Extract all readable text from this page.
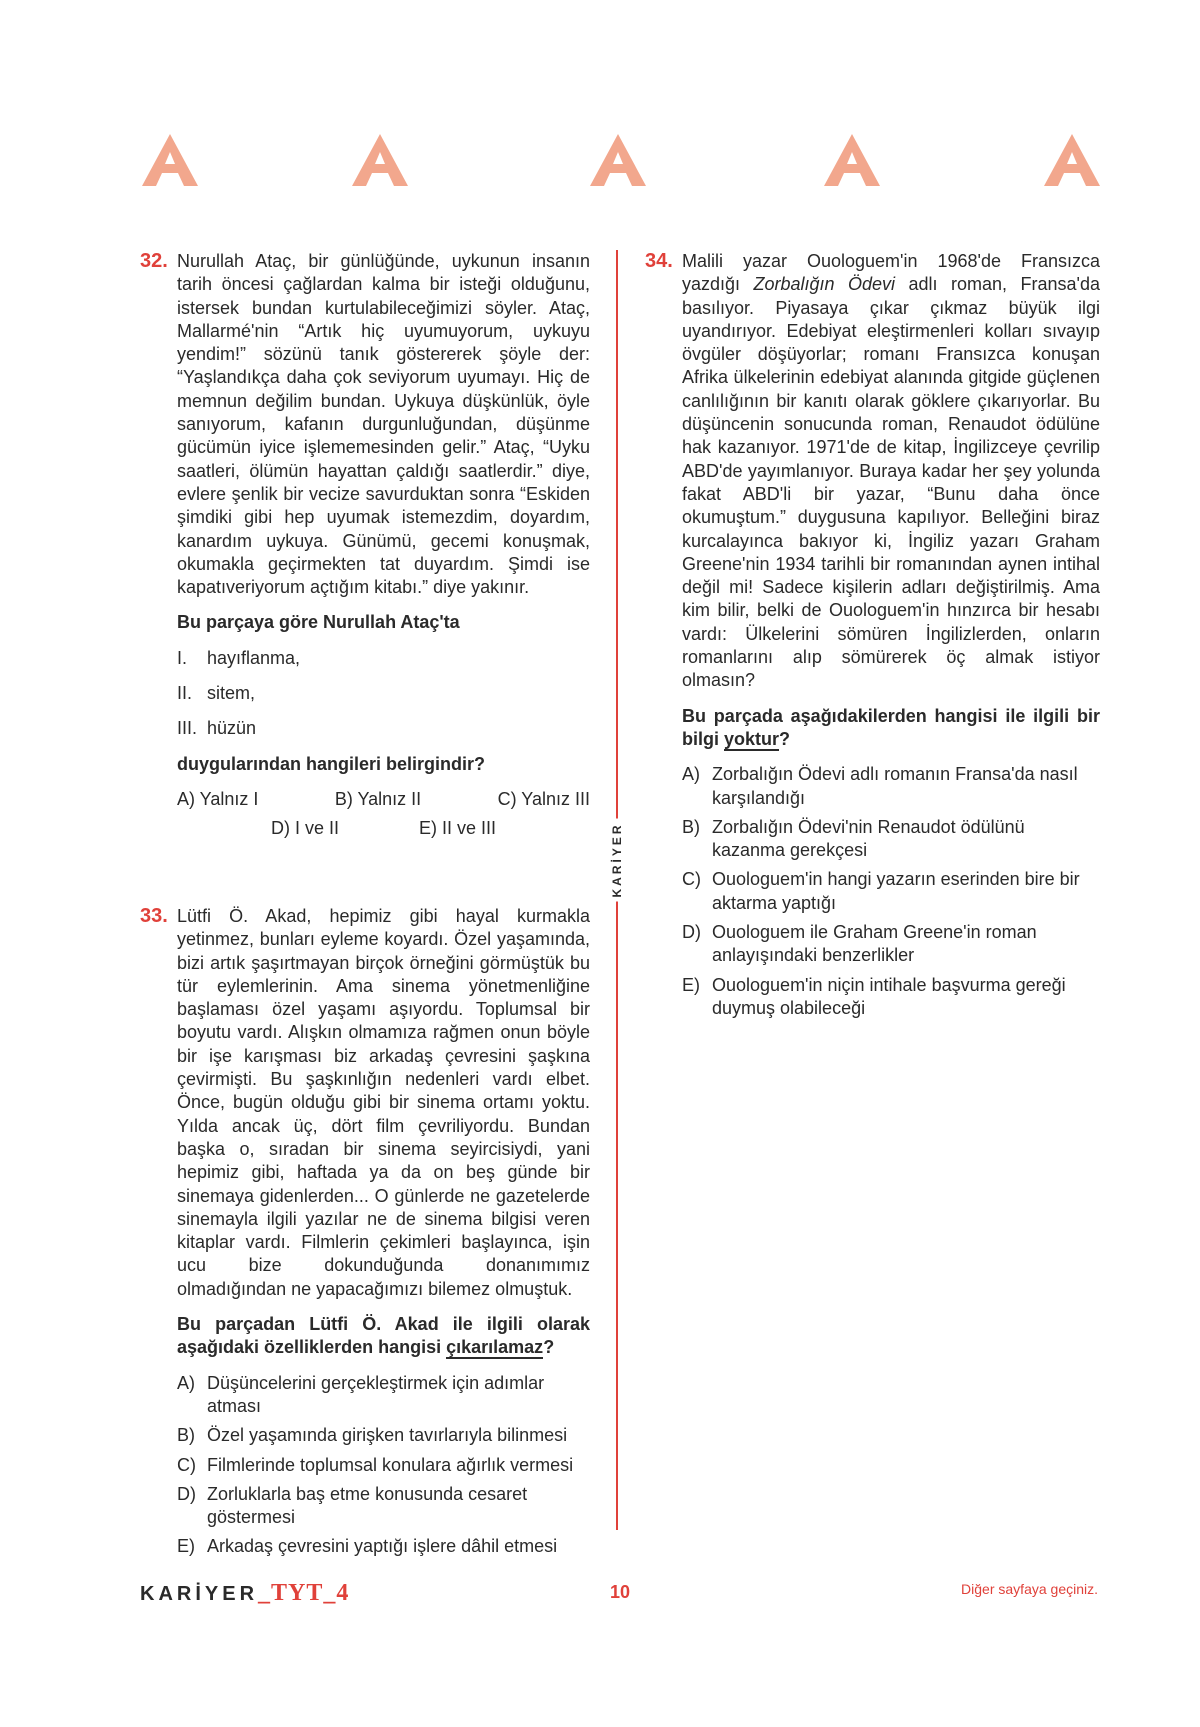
32. Nurullah Ataç, bir günlüğünde, uykunun insanın tarih öncesi çağlardan kalma bir isteği olduğunu, istersek bundan kurtulabileceğimizi söyler. Ataç, Mallarmé'nin “Artık hiç uyumuyorum, uykuyu yendim!” sözünü tanık göstererek şöyle der: “Yaşlandıkça daha çok seviyorum uyumayı. Hiç de memnun değilim bundan. Uykuya düşkünlük, öyle sanıyorum, kafanın durgunluğundan, düşünme gücümün iyice işlememesinden gelir.” Ataç, “Uyku saatleri, ölümün hayattan çaldığı saatlerdir.” diye, evlere şenlik bir vecize savurduktan sonra “Eskiden şimdiki gibi hep uyumak istemezdim, doyardım, kanardım uykuya. Günümü, gecemi konuşmak, okumakla geçirmekten tat duyardım. Şimdi ise kapatıveriyorum açtığım kitabı.” diye yakınır.

Bu parçaya göre Nurullah Ataç'ta

I.	hayıflanma,
II. sitem,
III. hüzün

duygularından hangileri belirgindir?

A) Yalnız I	B) Yalnız II	C) Yalnız III
D) I ve II	E) II ve III
33. Lütfi Ö. Akad, hepimiz gibi hayal kurmakla yetinmez, bunları eyleme koyardı. Özel yaşamında, bizi artık şaşırtmayan birçok örneğini görmüştük bu tür eylemlerinin. Ama sinema yönetmenliğine başlaması özel yaşamı aşıyordu. Toplumsal bir boyutu vardı. Alışkın olmamıza rağmen onun böyle bir işe karışması biz arkadaş çevresini şaşkına çevirmişti. Bu şaşkınlığın nedenleri vardı elbet. Önce, bugün olduğu gibi bir sinema ortamı yoktu. Yılda ancak üç, dört film çevriliyordu. Bundan başka o, sıradan bir sinema seyircisiydi, yani hepimiz gibi, haftada ya da on beş günde bir sinemaya gidenlerden... O günlerde ne gazetelerde sinemayla ilgili yazılar ne de sinema bilgisi veren kitaplar vardı. Filmlerin çekimleri başlayınca, işin ucu bize dokunduğunda donanımımız olmadığından ne yapacağımızı bilemez olmuştuk.

Bu parçadan Lütfi Ö. Akad ile ilgili olarak aşağıdaki özelliklerden hangisi çıkarılamaz?

A) Düşüncelerini gerçekleştirmek için adımlar atması
B) Özel yaşamında girişken tavırlarıyla bilinmesi
C) Filmlerinde toplumsal konulara ağırlık vermesi
D) Zorluklarla baş etme konusunda cesaret göstermesi
E) Arkadaş çevresini yaptığı işlere dâhil etmesi
KARİYER
34. Malili yazar Ouologuem'in 1968'de Fransızca yazdığı Zorbalığın Ödevi adlı roman, Fransa'da basılıyor. Piyasaya çıkar çıkmaz büyük ilgi uyandırıyor. Edebiyat eleştirmenleri kolları sıvayıp övgüler döşüyorlar; romanı Fransızca konuşan Afrika ülkelerinin edebiyat alanında gitgide güçlenen canlılığının bir kanıtı olarak göklere çıkarıyorlar. Bu düşüncenin sonucunda roman, Renaudot ödülüne hak kazanıyor. 1971'de de kitap, İngilizceye çevrilip ABD'de yayımlanıyor. Buraya kadar her şey yolunda fakat ABD'li bir yazar, “Bunu daha önce okumuştum.” duygusuna kapılıyor. Belleğini biraz kurcalayınca bakıyor ki, İngiliz yazarı Graham Greene'nin 1934 tarihli bir romanından aynen intihal değil mi! Sadece kişilerin adları değiştirilmiş. Ama kim bilir, belki de Ouologuem'in hınzırca bir hesabı vardı: Ülkelerini sömüren İngilizlerden, onların romanlarını alıp sömürerek öç almak istiyor olmasın?

Bu parçada aşağıdakilerden hangisi ile ilgili bir bilgi yoktur?

A) Zorbalığın Ödevi adlı romanın Fransa'da nasıl karşılandığı
B) Zorbalığın Ödevi'nin Renaudot ödülünü kazanma gerekçesi
C) Ouologuem'in hangi yazarın eserinden bire bir aktarma yaptığı
D) Ouologuem ile Graham Greene'in roman anlayışındaki benzerlikler
E) Ouologuem'in niçin intihale başvurma gereği duymuş olabileceği
KARİYER_TYT_4	10	Diğer sayfaya geçiniz.
